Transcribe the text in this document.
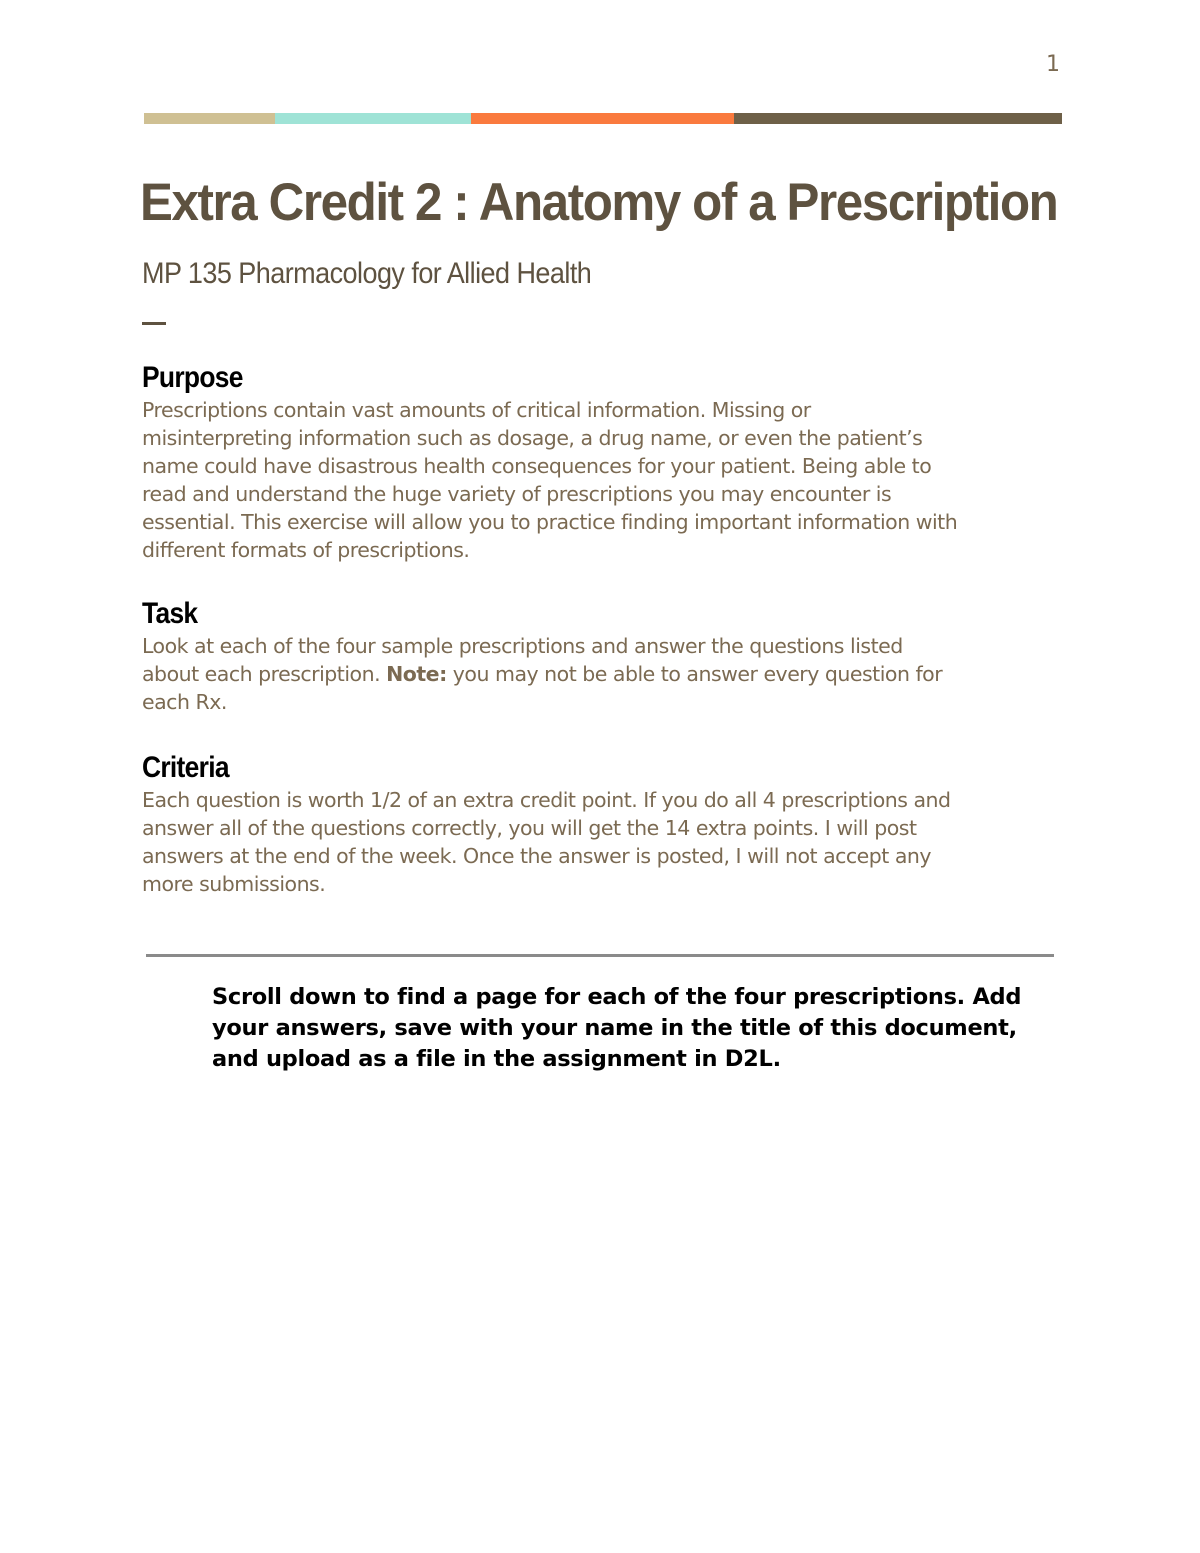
1
Extra Credit 2 : Anatomy of a Prescription
MP 135 Pharmacology for Allied Health
Purpose

Prescriptions contain vast amounts of critical information. Missing or
misinterpreting information such as dosage, a drug name, or even the patient’s
name could have disastrous health consequences for your patient. Being able to
read and understand the huge variety of prescriptions you may encounter is
essential. This exercise will allow you to practice finding important information with
different formats of prescriptions.

Task

Look at each of the four sample prescriptions and answer the questions listed
about each prescription. Note: you may not be able to answer every question for
each Rx.

Criteria

Each question is worth 1/2 of an extra credit point. If you do all 4 prescriptions and
answer all of the questions correctly, you will get the 14 extra points. I will post
answers at the end of the week. Once the answer is posted, I will not accept any
more submissions.

Scroll down to find a page for each of the four prescriptions. Add
your answers, save with your name in the title of this document,
and upload as a file in the assignment in D2L.
